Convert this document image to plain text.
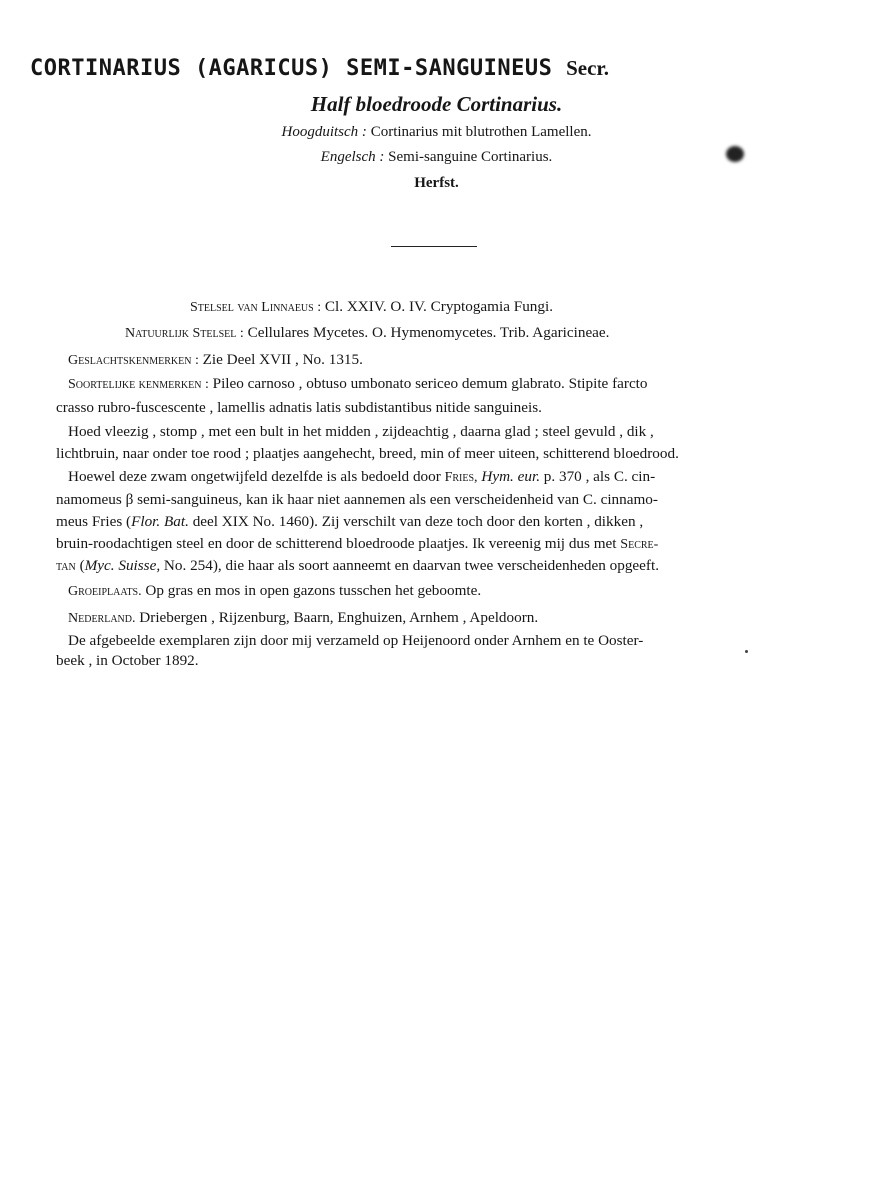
CORTINARIUS (AGARICUS) SEMI-SANGUINEUS Secr.
Half bloedroode Cortinarius.
Hoogduitsch : Cortinarius mit blutrothen Lamellen.
Engelsch : Semi-sanguine Cortinarius.
Herfst.
Stelsel van Linnaeus : Cl. XXIV. O. IV. Cryptogamia Fungi.
Natuurlijk Stelsel : Cellulares Mycetes. O. Hymenomycetes. Trib. Agaricineae.
Geslachtskenmerken : Zie Deel XVII , No. 1315.
Soortelijke kenmerken : Pileo carnoso , obtuso umbonato sericeo demum glabrato. Stipite farcto
crasso rubro-fuscescente , lamellis adnatis latis subdistantibus nitide sanguineis.
Hoed vleezig , stomp , met een bult in het midden , zijdeachtig , daarna glad ; steel gevuld , dik ,
lichtbruin, naar onder toe rood ; plaatjes aangehecht, breed, min of meer uiteen, schitterend bloedrood.
Hoewel deze zwam ongetwijfeld dezelfde is als bedoeld door Fries, Hym. eur. p. 370 , als C. cin-
namomeus β semi-sanguineus, kan ik haar niet aannemen als een verscheidenheid van C. cinnamo-
meus Fries (Flor. Bat. deel XIX No. 1460). Zij verschilt van deze toch door den korten , dikken ,
bruin-roodachtigen steel en door de schitterend bloedroode plaatjes. Ik vereenig mij dus met Secre-
tan (Myc. Suisse, No. 254), die haar als soort aanneemt en daarvan twee verscheidenheden opgeeft.
Groeiplaats. Op gras en mos in open gazons tusschen het geboomte.
Nederland. Driebergen , Rijzenburg, Baarn, Enghuizen, Arnhem , Apeldoorn.
De afgebeelde exemplaren zijn door mij verzameld op Heijenoord onder Arnhem en te Ooster-
beek , in October 1892.
